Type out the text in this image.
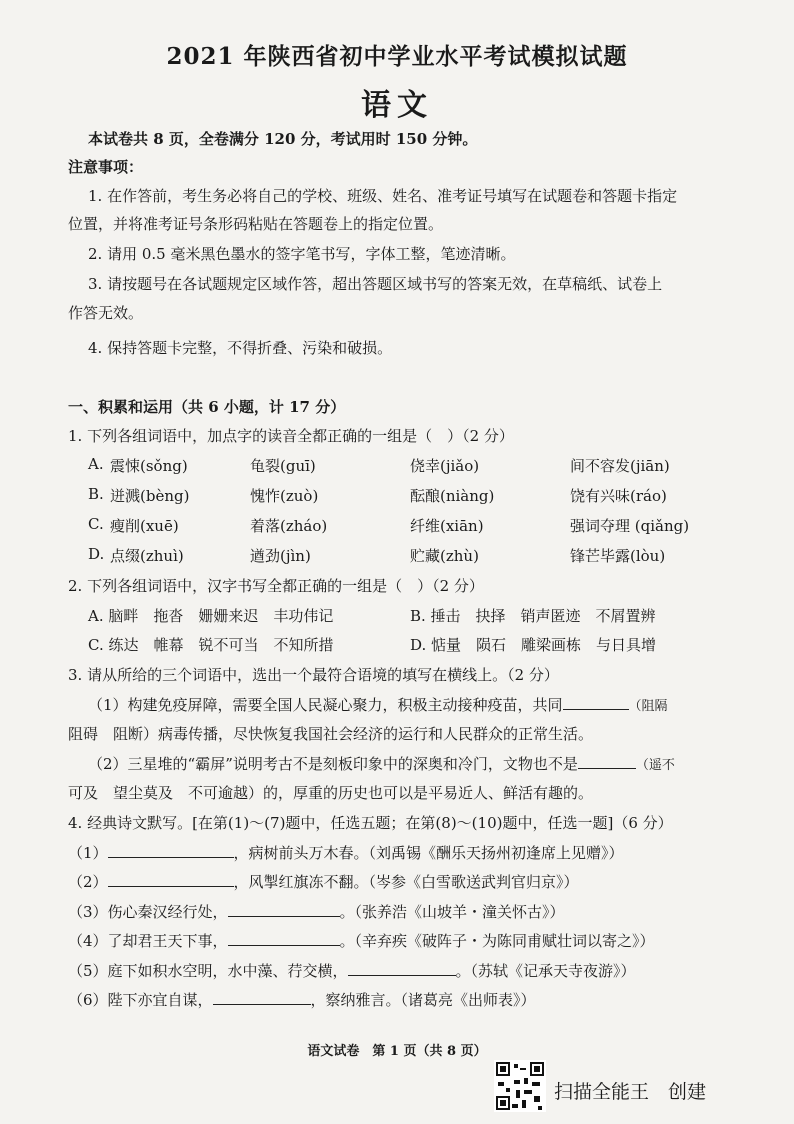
2021 年陕西省初中学业水平考试模拟试题
语文
本试卷共 8 页，全卷满分 120 分，考试用时 150 分钟。
注意事项：
1. 在作答前，考生务必将自己的学校、班级、姓名、准考证号填写在试题卷和答题卡指定
位置，并将准考证号条形码粘贴在答题卷上的指定位置。
2. 请用 0.5 毫米黑色墨水的签字笔书写，字体工整，笔迹清晰。
3. 请按题号在各试题规定区域作答，超出答题区域书写的答案无效，在草稿纸、试卷上
作答无效。
4. 保持答题卡完整，不得折叠、污染和破损。
一、积累和运用（共 6 小题，计 17 分）
1. 下列各组词语中，加点字的读音全都正确的一组是（　）（2 分）
A. 震悚(sǒng)	龟裂(guī)	侥幸(jiǎo)	间不容发(jiān)
B. 迸溅(bèng)	愧怍(zuò)	酝酿(niàng)	饶有兴味(ráo)
C. 瘦削(xuē)	着落(zháo)	纤维(xiān)	强词夺理 (qiǎng)
D. 点缀(zhuì)	遒劲(jìn)	贮藏(zhù)	锋芒毕露(lòu)
2. 下列各组词语中，汉字书写全都正确的一组是（　）（2 分）
A. 脑畔　拖沓　姗姗来迟　丰功伟记	B. 捶击　抉择　销声匿迹　不屑置辨
C. 练达　帷幕　锐不可当　不知所措	D. 惦量　陨石　雕梁画栋　与日具增
3. 请从所给的三个词语中，选出一个最符合语境的填写在横线上。（2 分）
（1）构建免疫屏障，需要全国人民凝心聚力，积极主动接种疫苗，共同	（阻隔
阻碍　阻断）病毒传播，尽快恢复我国社会经济的运行和人民群众的正常生活。
（2）三星堆的“霸屏”说明考古不是刻板印象中的深奥和冷门，文物也不是	（遥不
可及　望尘莫及　不可逾越）的，厚重的历史也可以是平易近人、鲜活有趣的。
4. 经典诗文默写。[在第(1)～(7)题中，任选五题；在第(8)～(10)题中，任选一题]（6 分）
（1）	，病树前头万木春。（刘禹锡《酬乐天扬州初逢席上见赠》）
（2）	，风掣红旗冻不翻。（岑参《白雪歌送武判官归京》）
（3）伤心秦汉经行处，	。（张养浩《山坡羊・潼关怀古》）
（4）了却君王天下事，	。（辛弃疾《破阵子・为陈同甫赋壮词以寄之》）
（5）庭下如积水空明，水中藻、荇交横，	。（苏轼《记承天寺夜游》）
（6）陛下亦宜自谋，	，察纳雅言。（诸葛亮《出师表》）
语文试卷　第 1 页（共 8 页）
扫描全能王　创建
